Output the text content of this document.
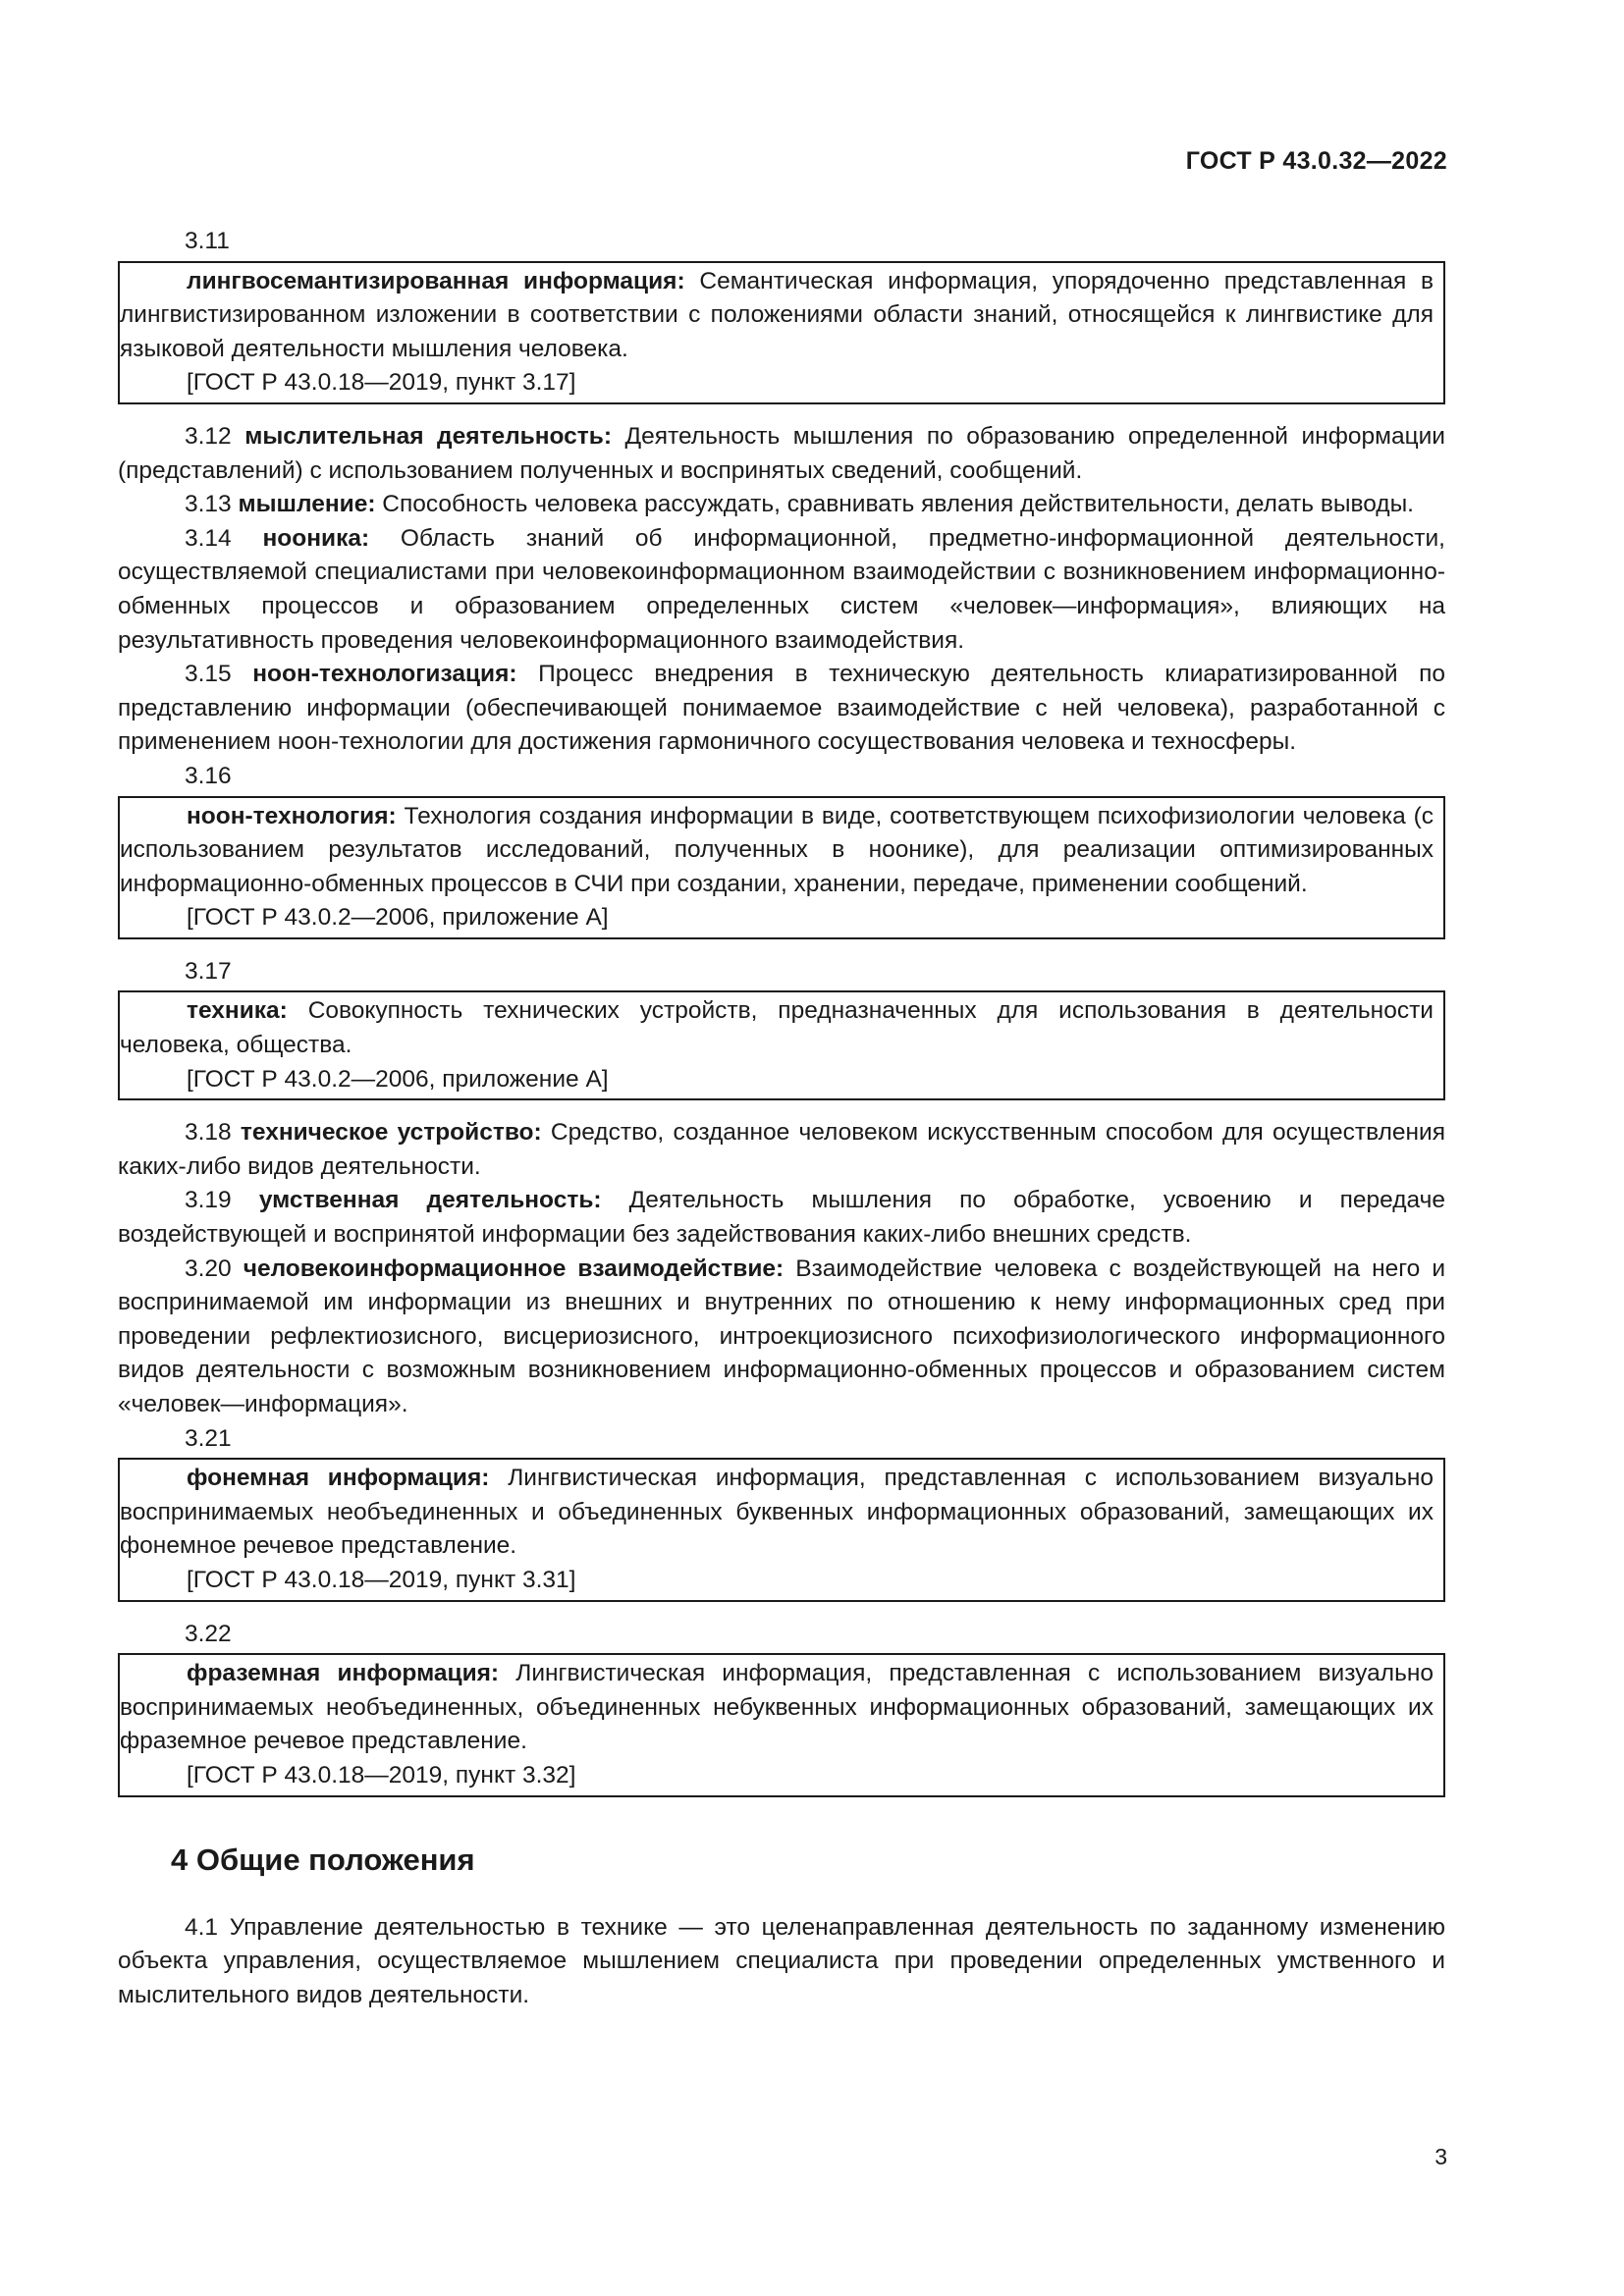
ГОСТ Р 43.0.32—2022

3.11

лингвосемантизированная информация: Семантическая информация, упорядоченно представленная в лингвистизированном изложении в соответствии с положениями области знаний, относящейся к лингвистике для языковой деятельности мышления человека.

[ГОСТ Р 43.0.18—2019, пункт 3.17]

3.12 мыслительная деятельность: Деятельность мышления по образованию определенной информации (представлений) с использованием полученных и воспринятых сведений, сообщений.

3.13 мышление: Способность человека рассуждать, сравнивать явления действительности, делать выводы.

3.14 нооника: Область знаний об информационной, предметно-информационной деятельности, осуществляемой специалистами при человекоинформационном взаимодействии с возникновением информационно-обменных процессов и образованием определенных систем «человек—информация», влияющих на результативность проведения человекоинформационного взаимодействия.

3.15 ноон-технологизация: Процесс внедрения в техническую деятельность клиаратизированной по представлению информации (обеспечивающей понимаемое взаимодействие с ней человека), разработанной с применением ноон-технологии для достижения гармоничного сосуществования человека и техносферы.

3.16

ноон-технология: Технология создания информации в виде, соответствующем психофизиологии человека (с использованием результатов исследований, полученных в ноонике), для реализации оптимизированных информационно-обменных процессов в СЧИ при создании, хранении, передаче, применении сообщений.

[ГОСТ Р 43.0.2—2006, приложение А]

3.17

техника: Совокупность технических устройств, предназначенных для использования в деятельности человека, общества.

[ГОСТ Р 43.0.2—2006, приложение А]

3.18 техническое устройство: Средство, созданное человеком искусственным способом для осуществления каких-либо видов деятельности.

3.19 умственная деятельность: Деятельность мышления по обработке, усвоению и передаче воздействующей и воспринятой информации без задействования каких-либо внешних средств.

3.20 человекоинформационное взаимодействие: Взаимодействие человека с воздействующей на него и воспринимаемой им информации из внешних и внутренних по отношению к нему информационных сред при проведении рефлектиозисного, висцериозисного, интроекциозисного психофизиологического информационного видов деятельности с возможным возникновением информационно-обменных процессов и образованием систем «человек—информация».

3.21

фонемная информация: Лингвистическая информация, представленная с использованием визуально воспринимаемых необъединенных и объединенных буквенных информационных образований, замещающих их фонемное речевое представление.

[ГОСТ Р 43.0.18—2019, пункт 3.31]

3.22

фраземная информация: Лингвистическая информация, представленная с использованием визуально воспринимаемых необъединенных, объединенных небуквенных информационных образований, замещающих их фраземное речевое представление.

[ГОСТ Р 43.0.18—2019, пункт 3.32]

4 Общие положения

4.1 Управление деятельностью в технике — это целенаправленная деятельность по заданному изменению объекта управления, осуществляемое мышлением специалиста при проведении определенных умственного и мыслительного видов деятельности.

3
